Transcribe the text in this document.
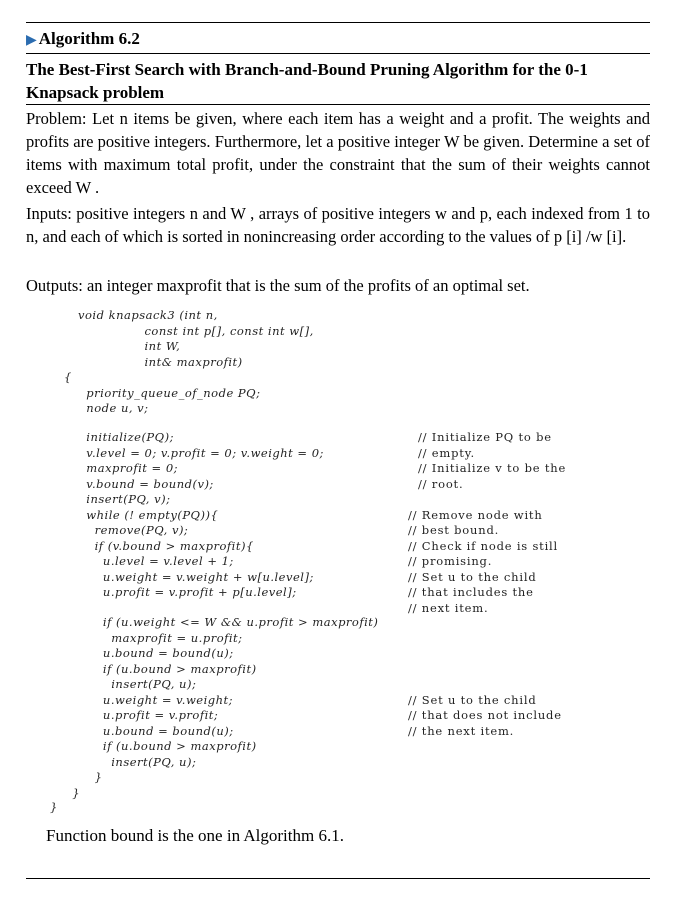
▶ Algorithm 6.2
The Best-First Search with Branch-and-Bound Pruning Algorithm for the 0-1 Knapsack problem
Problem: Let n items be given, where each item has a weight and a profit. The weights and profits are positive integers. Furthermore, let a positive integer W be given. Determine a set of items with maximum total profit, under the constraint that the sum of their weights cannot exceed W .
Inputs: positive integers n and W , arrays of positive integers w and p, each indexed from 1 to n, and each of which is sorted in nonincreasing order according to the values of p [i] /w [i].
Outputs: an integer maxprofit that is the sum of the profits of an optimal set.
void knapsack3 (int n,
const int p[], const int w[],
int W,
int& maxprofit)
{
priority_queue_of_node PQ;
node u, v;
initialize(PQ);
v.level = 0; v.profit = 0; v.weight = 0;
maxprofit = 0;
v.bound = bound(v);
insert(PQ, v);
while (! empty(PQ)){
remove(PQ, v);
if (v.bound > maxprofit){
u.level = v.level + 1;
u.weight = v.weight + w[u.level];
u.profit = v.profit + p[u.level];
if (u.weight <= W && u.profit > maxprofit)
maxprofit = u.profit;
u.bound = bound(u);
if (u.bound > maxprofit)
insert(PQ, u);
u.weight = v.weight;
u.profit = v.profit;
u.bound = bound(u);
if (u.bound > maxprofit)
insert(PQ, u);
}
}
}
// Initialize PQ to be
// empty.
// Initialize v to be the
// root.
// Remove node with
// best bound.
// Check if node is still
// promising.
// Set u to the child
// that includes the
// next item.
// Set u to the child
// that does not include
// the next item.
Function bound is the one in Algorithm 6.1.
